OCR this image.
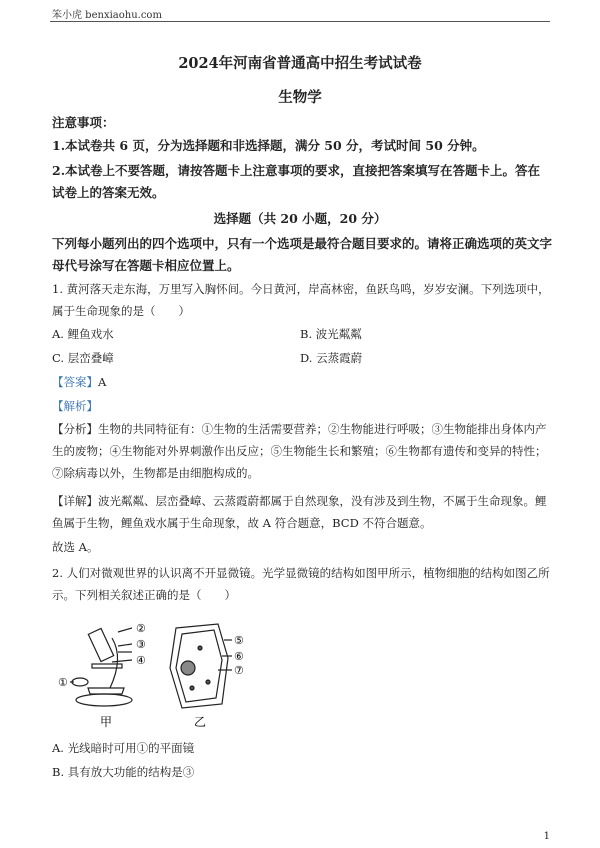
笨小虎 benxiaohu.com
2024年河南省普通高中招生考试试卷
生物学
注意事项：
1.本试卷共 6 页，分为选择题和非选择题，满分 50 分，考试时间 50 分钟。
2.本试卷上不要答题，请按答题卡上注意事项的要求，直接把答案填写在答题卡上。答在试卷上的答案无效。
选择题（共 20 小题，20 分）
下列每小题列出的四个选项中，只有一个选项是最符合题目要求的。请将正确选项的英文字母代号涂写在答题卡相应位置上。
1. 黄河落天走东海，万里写入胸怀间。今日黄河，岸高林密，鱼跃鸟鸣，岁岁安澜。下列选项中，属于生命现象的是（　　）
A. 鲤鱼戏水	B. 波光粼粼
C. 层峦叠嶂	D. 云蒸霞蔚
【答案】A
【解析】
【分析】生物的共同特征有：①生物的生活需要营养；②生物能进行呼吸；③生物能排出身体内产生的废物；④生物能对外界刺激作出反应；⑤生物能生长和繁殖；⑥生物都有遗传和变异的特性；⑦除病毒以外，生物都是由细胞构成的。
【详解】波光粼粼、层峦叠嶂、云蒸霞蔚都属于自然现象，没有涉及到生物，不属于生命现象。鲤鱼属于生物，鲤鱼戏水属于生命现象，故 A 符合题意，BCD 不符合题意。
故选 A。
2. 人们对微观世界的认识离不开显微镜。光学显微镜的结构如图甲所示，植物细胞的结构如图乙所示。下列相关叙述正确的是（　　）
②
③
④
①
甲
⑤
⑥
⑦
乙
A. 光线暗时可用①的平面镜
B. 具有放大功能的结构是③
1
